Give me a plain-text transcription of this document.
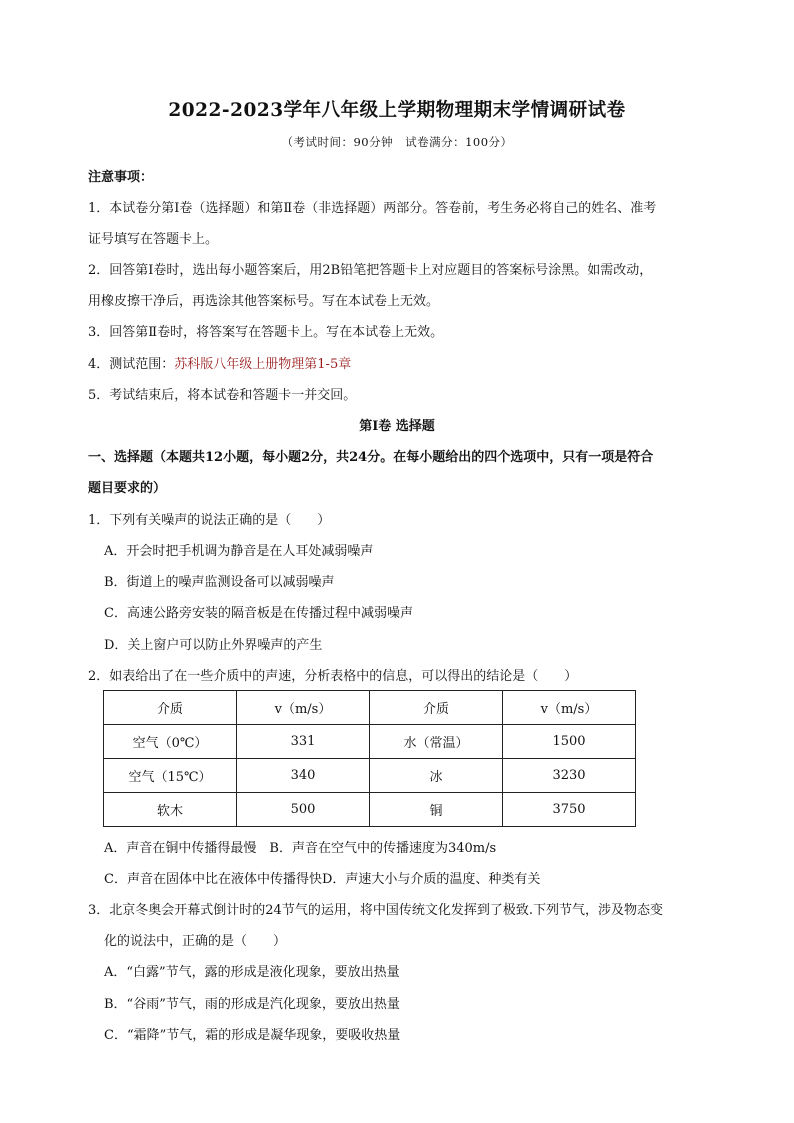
2022-2023学年八年级上学期物理期末学情调研试卷
（考试时间：90分钟　试卷满分：100分）
注意事项：
1．本试卷分第Ⅰ卷（选择题）和第Ⅱ卷（非选择题）两部分。答卷前，考生务必将自己的姓名、准考
证号填写在答题卡上。
2．回答第Ⅰ卷时，选出每小题答案后，用2B铅笔把答题卡上对应题目的答案标号涂黑。如需改动，
用橡皮擦干净后，再选涂其他答案标号。写在本试卷上无效。
3．回答第Ⅱ卷时，将答案写在答题卡上。写在本试卷上无效。
4．测试范围：苏科版八年级上册物理第1-5章
5．考试结束后，将本试卷和答题卡一并交回。
第Ⅰ卷 选择题
一、选择题（本题共12小题，每小题2分，共24分。在每小题给出的四个选项中，只有一项是符合
题目要求的）
1．下列有关噪声的说法正确的是（　　）
A．开会时把手机调为静音是在人耳处减弱噪声
B．街道上的噪声监测设备可以减弱噪声
C．高速公路旁安装的隔音板是在传播过程中减弱噪声
D．关上窗户可以防止外界噪声的产生
2．如表给出了在一些介质中的声速，分析表格中的信息，可以得出的结论是（　　）
介质	v（m/s）	介质	v（m/s）
空气（0℃）	331	水（常温）	1500
空气（15℃）	340	冰	3230
软木	500	铜	3750
A．声音在铜中传播得最慢　B．声音在空气中的传播速度为340m/s
C．声音在固体中比在液体中传播得快D．声速大小与介质的温度、种类有关
3．北京冬奥会开幕式倒计时的24节气的运用，将中国传统文化发挥到了极致.下列节气，涉及物态变
化的说法中，正确的是（　　）
A．“白露”节气，露的形成是液化现象，要放出热量
B．“谷雨”节气，雨的形成是汽化现象，要放出热量
C．“霜降”节气，霜的形成是凝华现象，要吸收热量
